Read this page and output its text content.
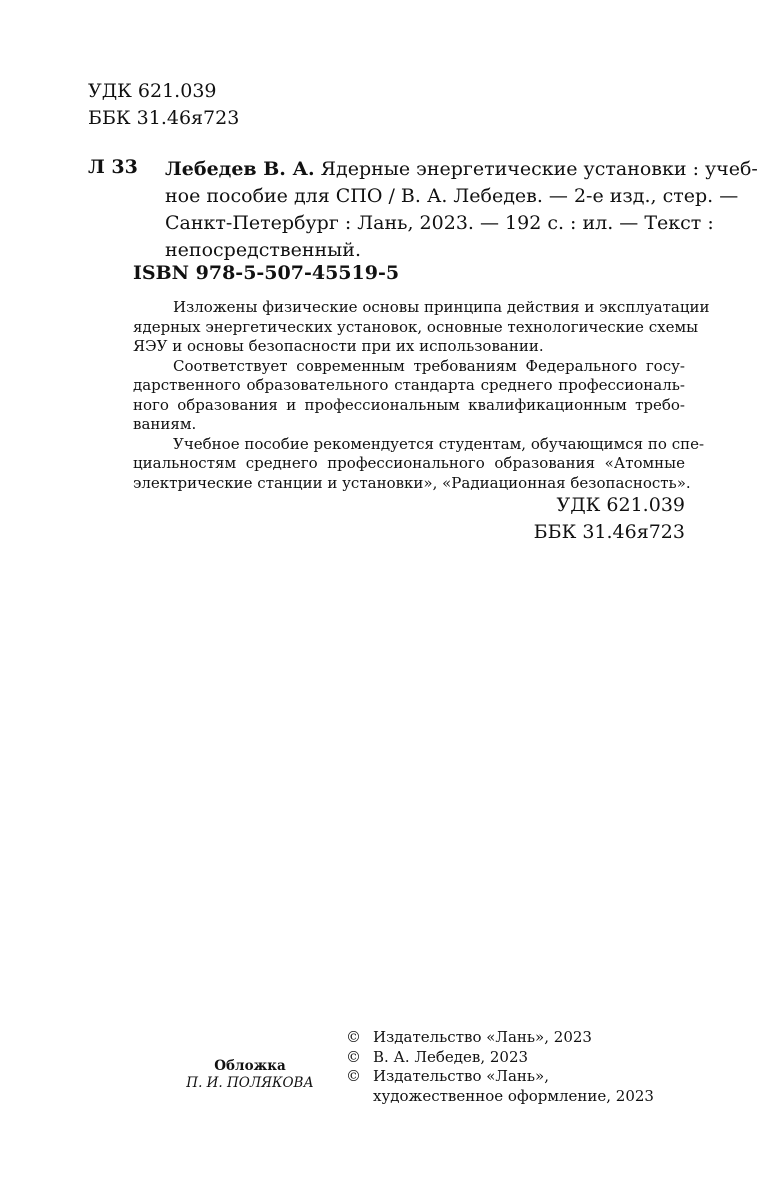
УДК 621.039
ББК 31.46я723
Л 33 Лебедев В. А. Ядерные энергетические установки : учеб-
ное пособие для СПО / В. А. Лебедев. — 2-е изд., стер. —
Санкт-Петербург : Лань, 2023. — 192 с. : ил. — Текст :
непосредственный.
ISBN 978-5-507-45519-5
Изложены физические основы принципа действия и эксплуатации
ядерных энергетических установок, основные технологические схемы
ЯЭУ и основы безопасности при их использовании.
Соответствует современным требованиям Федерального госу-
дарственного образовательного стандарта среднего профессиональ-
ного образования и профессиональным квалификационным требо-
ваниям.
Учебное пособие рекомендуется студентам, обучающимся по спе-
циальностям среднего профессионального образования «Атомные
электрические станции и установки», «Радиационная безопасность».
УДК 621.039
ББК 31.46я723
Обложка
П. И. ПОЛЯКОВА
© Издательство «Лань», 2023
© В. А. Лебедев, 2023
© Издательство «Лань»,
художественное оформление, 2023
